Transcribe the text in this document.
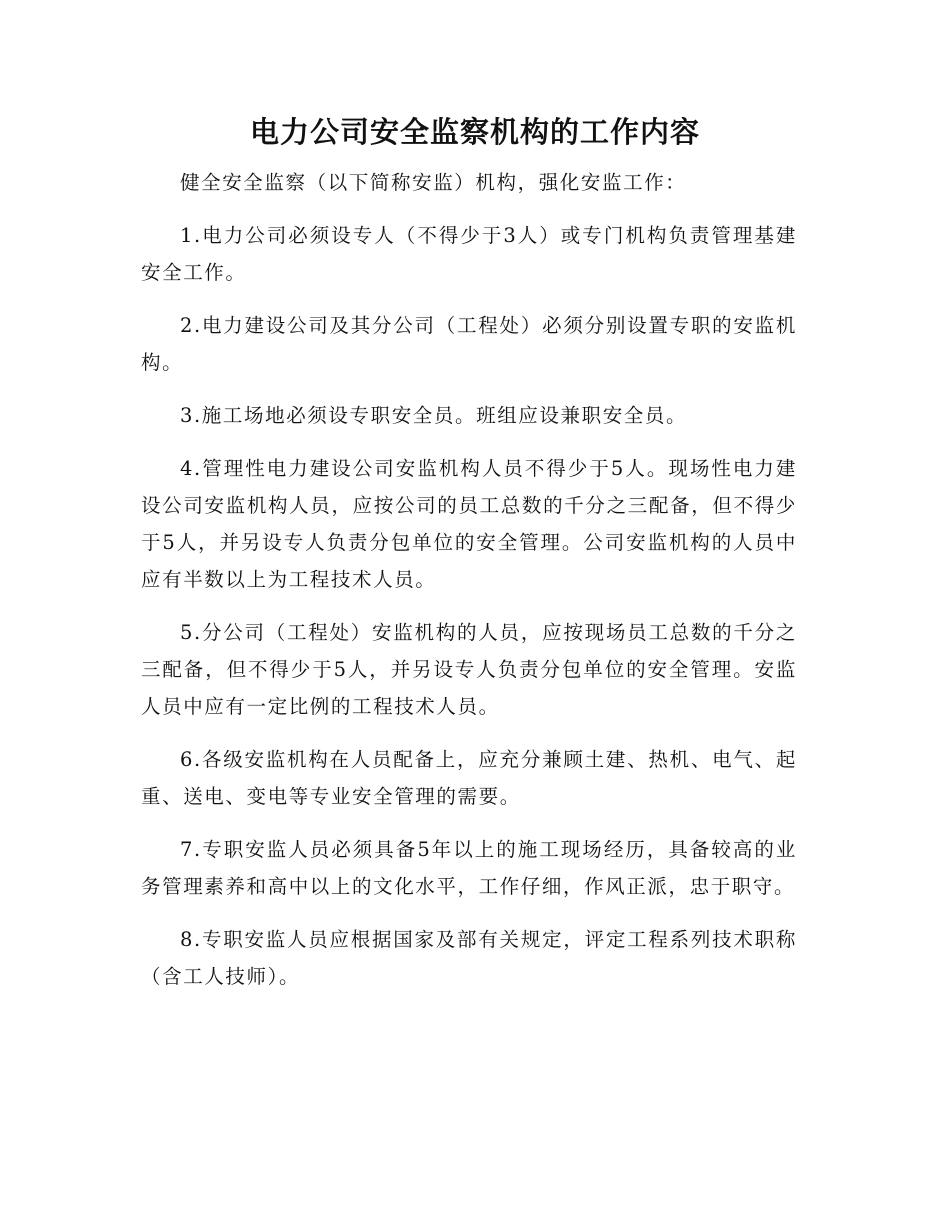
电力公司安全监察机构的工作内容

健全安全监察（以下简称安监）机构，强化安监工作：

1.电力公司必须设专人（不得少于3人）或专门机构负责管理基建安全工作。

2.电力建设公司及其分公司（工程处）必须分别设置专职的安监机构。

3.施工场地必须设专职安全员。班组应设兼职安全员。

4.管理性电力建设公司安监机构人员不得少于5人。现场性电力建设公司安监机构人员，应按公司的员工总数的千分之三配备，但不得少于5人，并另设专人负责分包单位的安全管理。公司安监机构的人员中应有半数以上为工程技术人员。

5.分公司（工程处）安监机构的人员，应按现场员工总数的千分之三配备，但不得少于5人，并另设专人负责分包单位的安全管理。安监人员中应有一定比例的工程技术人员。

6.各级安监机构在人员配备上，应充分兼顾土建、热机、电气、起重、送电、变电等专业安全管理的需要。

7.专职安监人员必须具备5年以上的施工现场经历，具备较高的业务管理素养和高中以上的文化水平，工作仔细，作风正派，忠于职守。

8.专职安监人员应根据国家及部有关规定，评定工程系列技术职称（含工人技师）。
